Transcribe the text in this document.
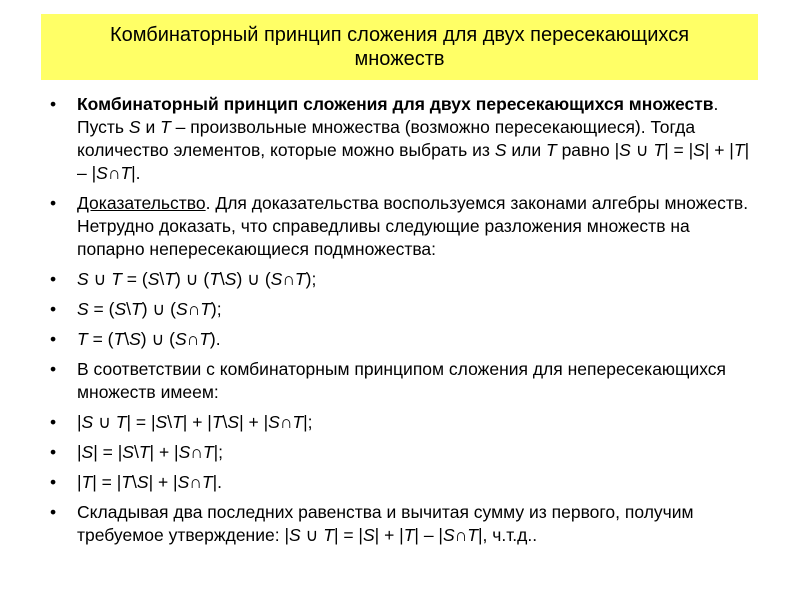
Комбинаторный принцип сложения для двух пересекающихся множеств
• Комбинаторный принцип сложения для двух пересекающихся множеств. Пусть S и T – произвольные множества (возможно пересекающиеся). Тогда количество элементов, которые можно выбрать из S или T равно |S ∪ T| = |S| + |T| – |S∩T|.
• Доказательство. Для доказательства воспользуемся законами алгебры множеств. Нетрудно доказать, что справедливы следующие разложения множеств на попарно непересекающиеся подмножества:
• S ∪ T = (S\T) ∪ (T\S) ∪ (S∩T);
• S = (S\T) ∪ (S∩T);
• T = (T\S) ∪ (S∩T).
• В соответствии с комбинаторным принципом сложения для непересекающихся множеств имеем:
• |S ∪ T| = |S\T| + |T\S| + |S∩T|;
• |S| = |S\T| + |S∩T|;
• |T| = |T\S| + |S∩T|.
• Складывая два последних равенства и вычитая сумму из первого, получим требуемое утверждение: |S ∪ T| = |S| + |T| – |S∩T|, ч.т.д..
